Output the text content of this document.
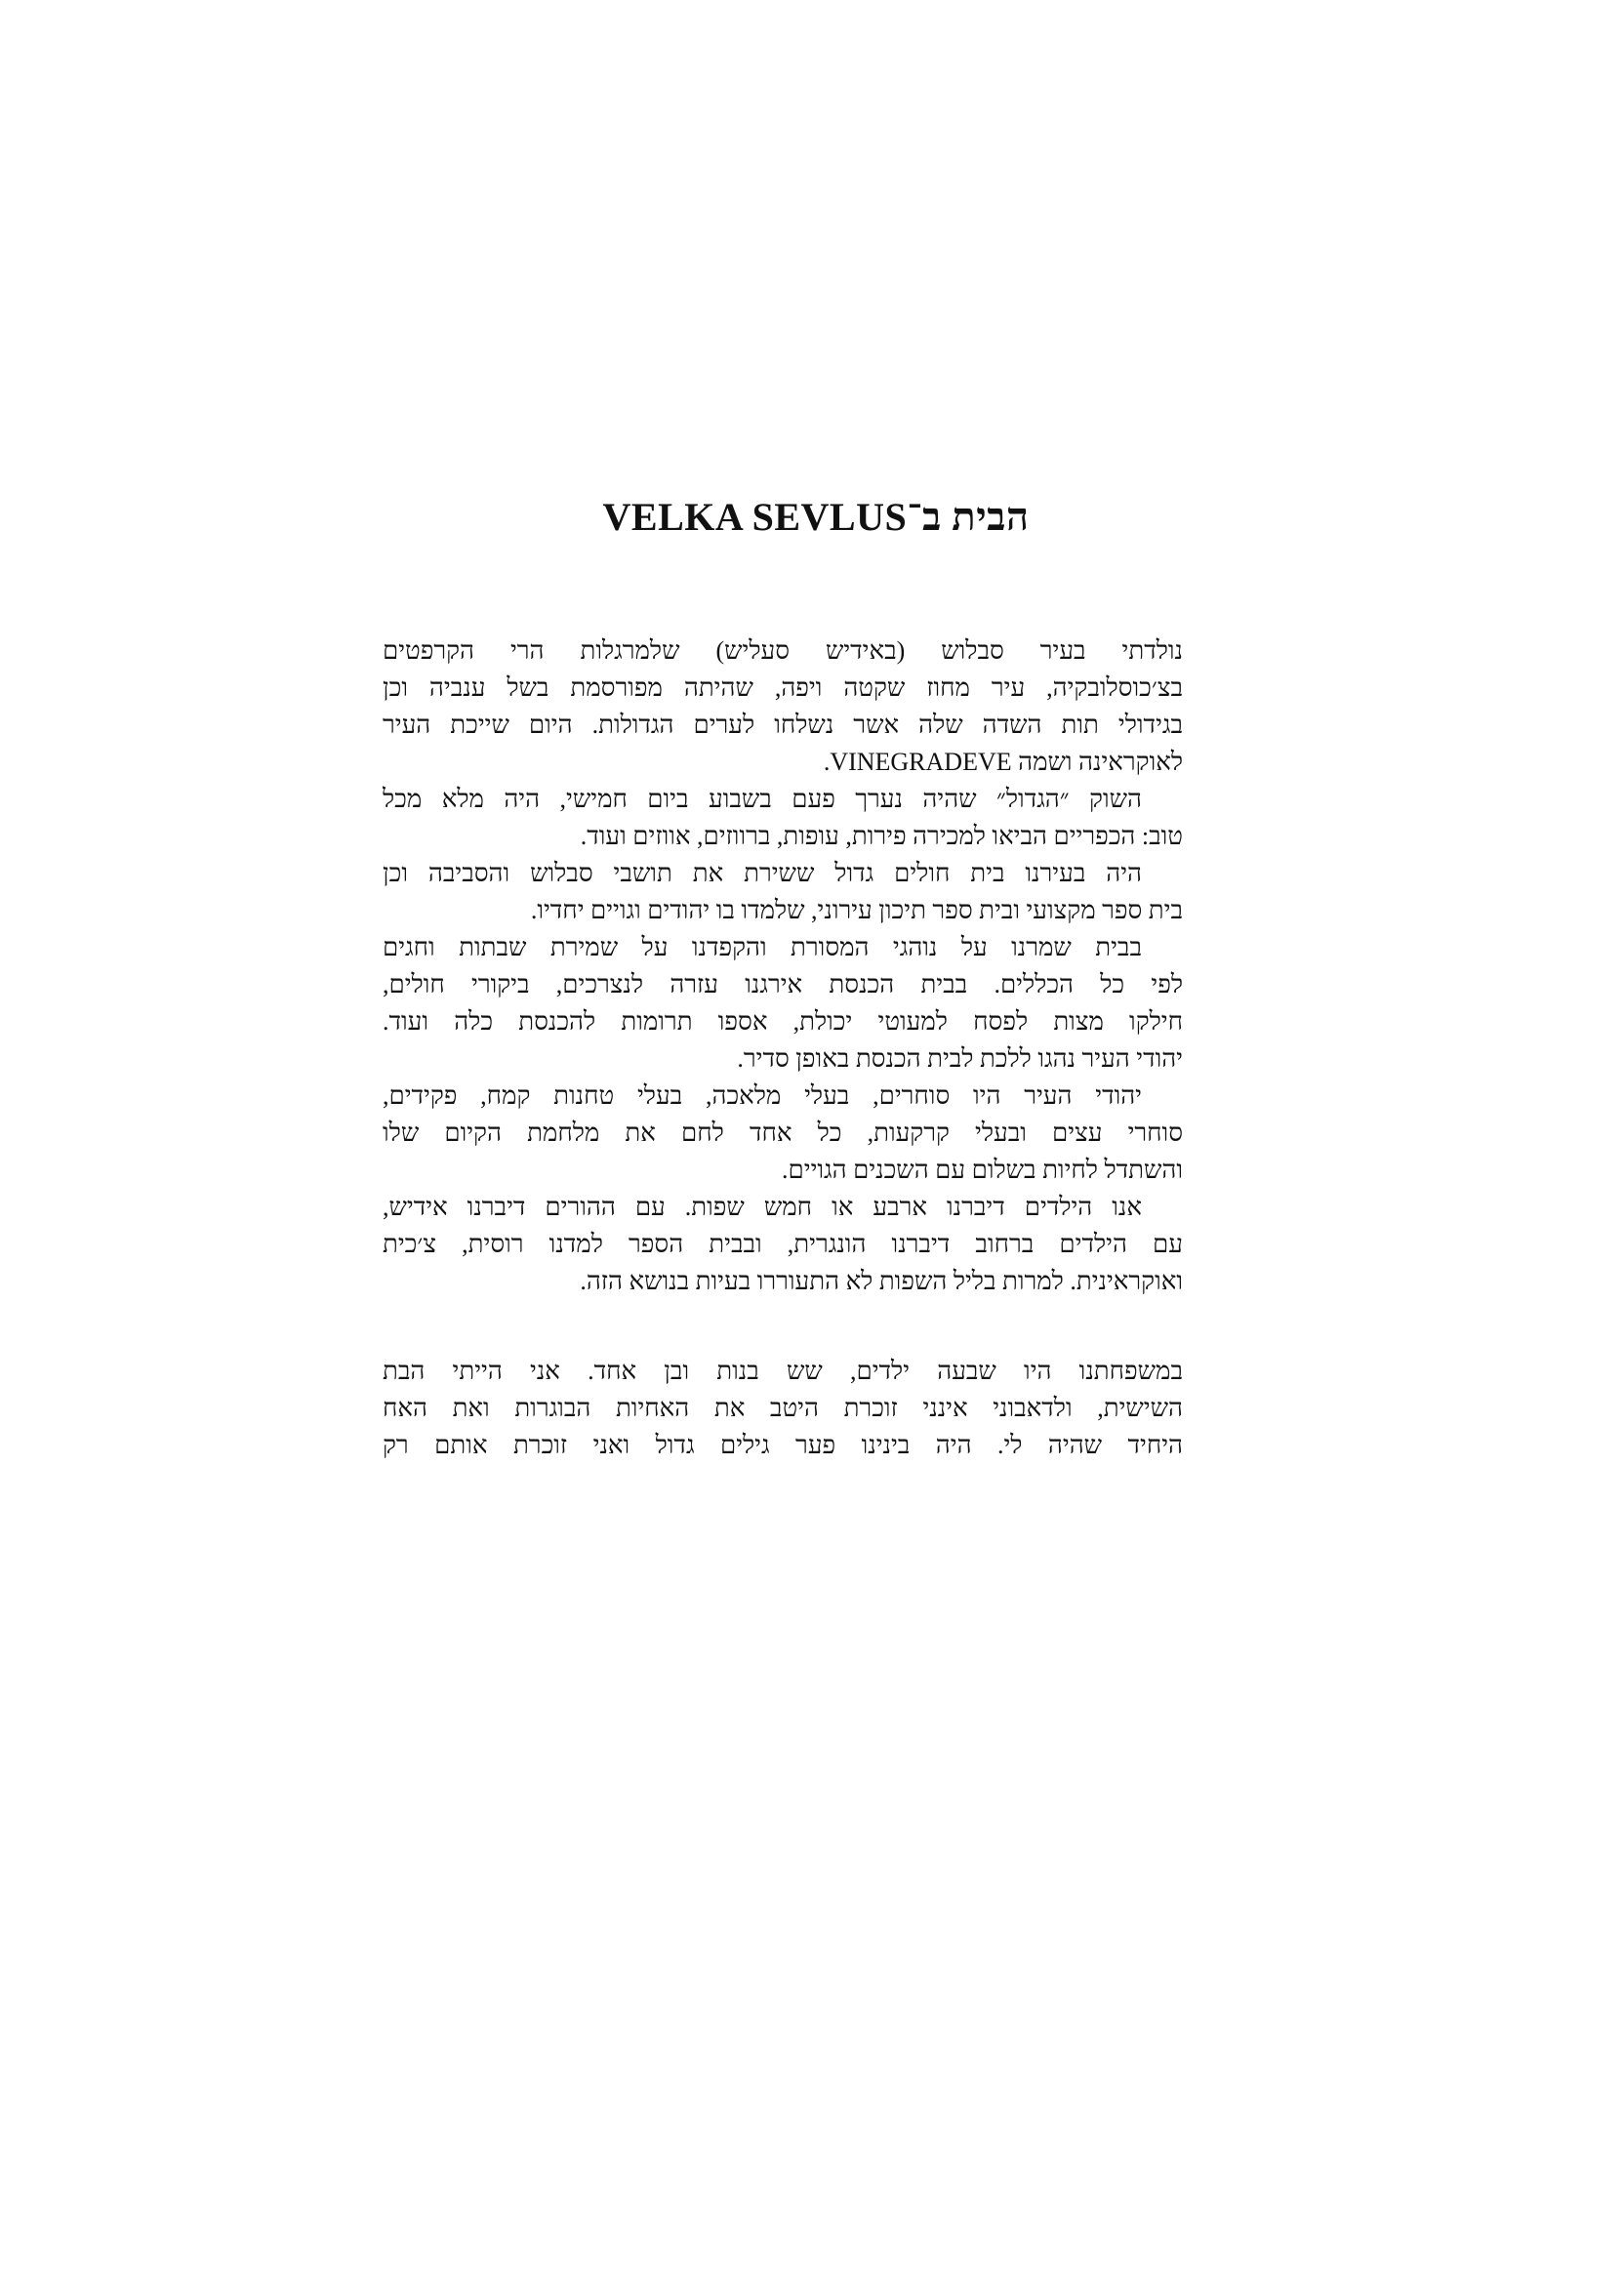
הבית ב־VELKA SEVLUS
נולדתי בעיר סבלוש (באידיש סעליש) שלמרגלות הרי הקרפטים
בצ׳כוסלובקיה, עיר מחוז שקטה ויפה, שהיתה מפורסמת בשל ענביה וכן
בגידולי תות השדה שלה אשר נשלחו לערים הגדולות. היום שייכת העיר
לאוקראינה ושמה VINEGRADEVE.
השוק ״הגדול״ שהיה נערך פעם בשבוע ביום חמישי, היה מלא מכל
טוב: הכפריים הביאו למכירה פירות, עופות, ברווזים, אווזים ועוד.
היה בעירנו בית חולים גדול ששירת את תושבי סבלוש והסביבה וכן
בית ספר מקצועי ובית ספר תיכון עירוני, שלמדו בו יהודים וגויים יחדיו.
בבית שמרנו על נוהגי המסורת והקפדנו על שמירת שבתות וחגים
לפי כל הכללים. בבית הכנסת אירגנו עזרה לנצרכים, ביקורי חולים,
חילקו מצות לפסח למעוטי יכולת, אספו תרומות להכנסת כלה ועוד.
יהודי העיר נהגו ללכת לבית הכנסת באופן סדיר.
יהודי העיר היו סוחרים, בעלי מלאכה, בעלי טחנות קמח, פקידים,
סוחרי עצים ובעלי קרקעות, כל אחד לחם את מלחמת הקיום שלו
והשתדל לחיות בשלום עם השכנים הגויים.
אנו הילדים דיברנו ארבע או חמש שפות. עם ההורים דיברנו אידיש,
עם הילדים ברחוב דיברנו הונגרית, ובבית הספר למדנו רוסית, צ׳כית
ואוקראינית. למרות בליל השפות לא התעוררו בעיות בנושא הזה.
במשפחתנו היו שבעה ילדים, שש בנות ובן אחד. אני הייתי הבת
השישית, ולדאבוני אינני זוכרת היטב את האחיות הבוגרות ואת האח
היחיד שהיה לי. היה בינינו פער גילים גדול ואני זוכרת אותם רק
